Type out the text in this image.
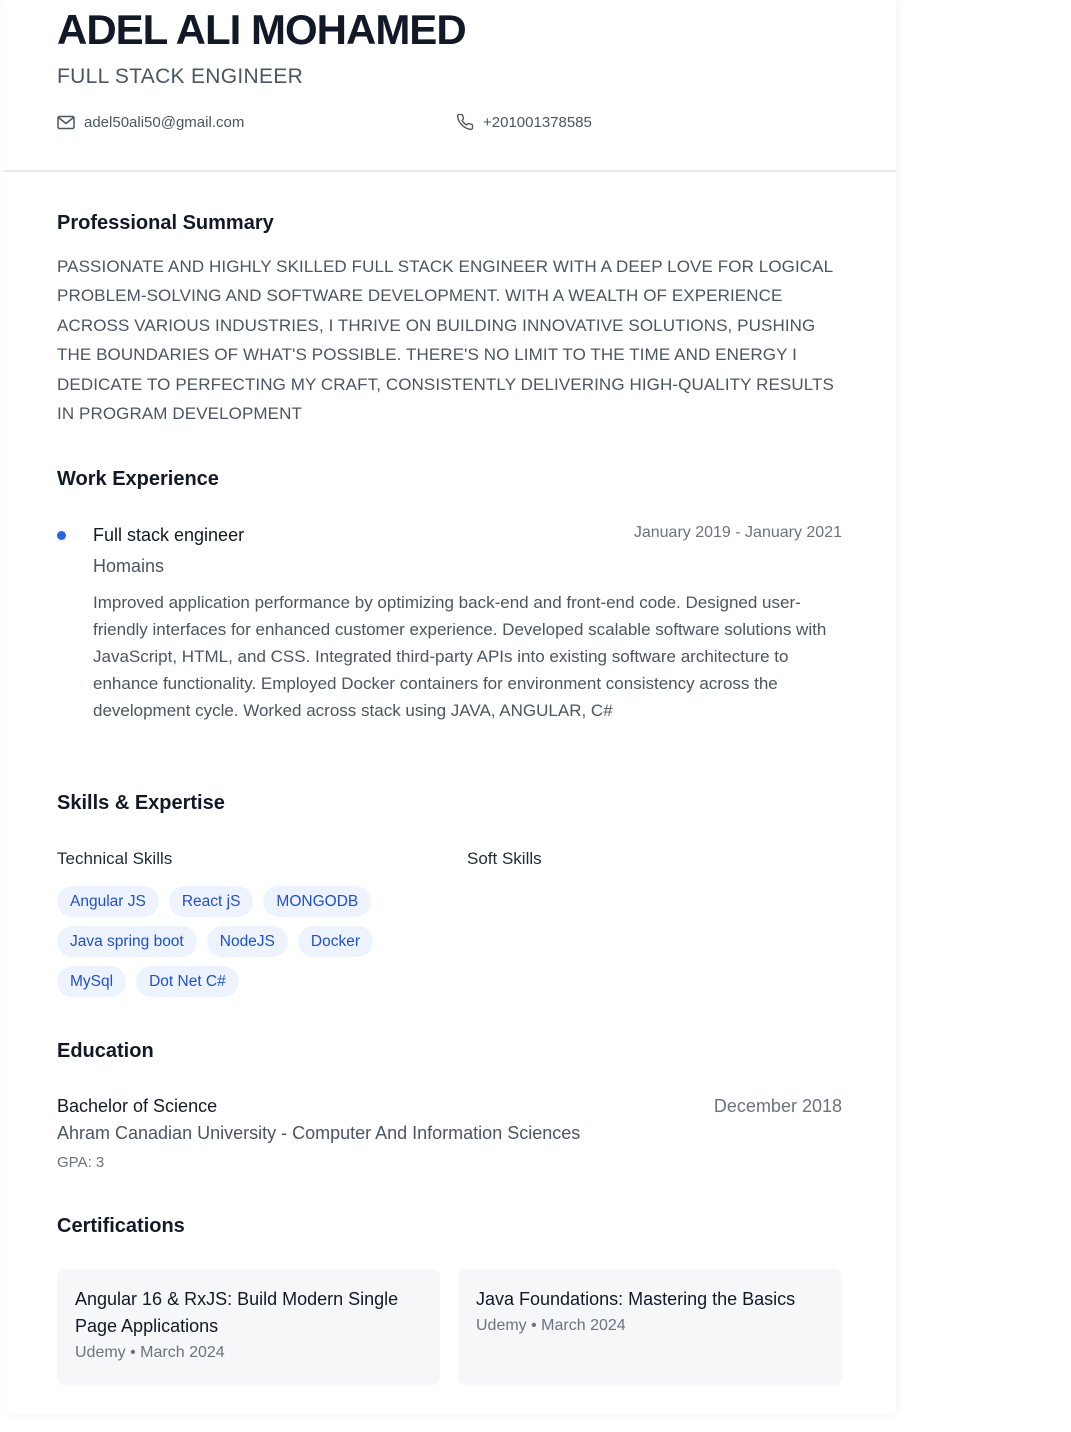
ADEL ALI MOHAMED
FULL STACK ENGINEER
adel50ali50@gmail.com	+201001378585
Professional Summary

PASSIONATE AND HIGHLY SKILLED FULL STACK ENGINEER WITH A DEEP LOVE FOR LOGICAL PROBLEM-SOLVING AND SOFTWARE DEVELOPMENT. WITH A WEALTH OF EXPERIENCE ACROSS VARIOUS INDUSTRIES, I THRIVE ON BUILDING INNOVATIVE SOLUTIONS, PUSHING THE BOUNDARIES OF WHAT'S POSSIBLE. THERE'S NO LIMIT TO THE TIME AND ENERGY I DEDICATE TO PERFECTING MY CRAFT, CONSISTENTLY DELIVERING HIGH-QUALITY RESULTS IN PROGRAM DEVELOPMENT

Work Experience
Full stack engineer	January 2019 - January 2021
Homains

Improved application performance by optimizing back-end and front-end code. Designed user-friendly interfaces for enhanced customer experience. Developed scalable software solutions with JavaScript, HTML, and CSS. Integrated third-party APIs into existing software architecture to enhance functionality. Employed Docker containers for environment consistency across the development cycle. Worked across stack using JAVA, ANGULAR, C#

Skills & Expertise
Technical Skills	Soft Skills
Angular JS	React jS	MONGODB
Java spring boot	NodeJS	Docker
MySql	Dot Net C#
Education
Bachelor of Science	December 2018
Ahram Canadian University - Computer And Information Sciences
GPA: 3
Certifications

Angular 16 & RxJS: Build Modern Single Page Applications

Udemy • March 2024

Java Foundations: Mastering the Basics

Udemy • March 2024
